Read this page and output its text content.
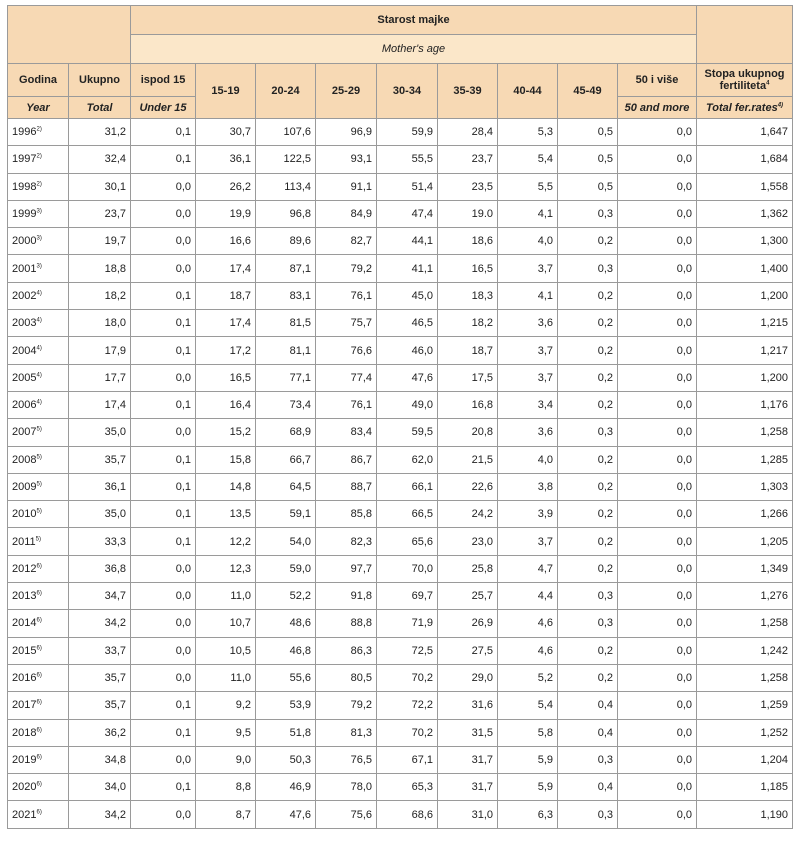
		Starost majke									
		Mother's age									
Godina	Ukupno	ispod 15	15-19	20-24	25-29	30-34	35-39	40-44	45-49	50 i više	Stopa ukupnog fertiliteta$^4$
Year	Total	Under 15								50 and more	Total fer.rates$^{4)}$
1996$^{2)}$	31,2	0,1	30,7	107,6	96,9	59,9	28,4	5,3	0,5	0,0	1,647
1997$^{2)}$	32,4	0,1	36,1	122,5	93,1	55,5	23,7	5,4	0,5	0,0	1,684
1998$^{2)}$	30,1	0,0	26,2	113,4	91,1	51,4	23,5	5,5	0,5	0,0	1,558
1999$^{3)}$	23,7	0,0	19,9	96,8	84,9	47,4	19.0	4,1	0,3	0,0	1,362
2000$^{3)}$	19,7	0,0	16,6	89,6	82,7	44,1	18,6	4,0	0,2	0,0	1,300
2001$^{3)}$	18,8	0,0	17,4	87,1	79,2	41,1	16,5	3,7	0,3	0,0	1,400
2002$^{4)}$	18,2	0,1	18,7	83,1	76,1	45,0	18,3	4,1	0,2	0,0	1,200
2003$^{4)}$	18,0	0,1	17,4	81,5	75,7	46,5	18,2	3,6	0,2	0,0	1,215
2004$^{4)}$	17,9	0,1	17,2	81,1	76,6	46,0	18,7	3,7	0,2	0,0	1,217
2005$^{4)}$	17,7	0,0	16,5	77,1	77,4	47,6	17,5	3,7	0,2	0,0	1,200
2006$^{4)}$	17,4	0,1	16,4	73,4	76,1	49,0	16,8	3,4	0,2	0,0	1,176
2007$^{5)}$	35,0	0,0	15,2	68,9	83,4	59,5	20,8	3,6	0,3	0,0	1,258
2008$^{5)}$	35,7	0,1	15,8	66,7	86,7	62,0	21,5	4,0	0,2	0,0	1,285
2009$^{5)}$	36,1	0,1	14,8	64,5	88,7	66,1	22,6	3,8	0,2	0,0	1,303
2010$^{5)}$	35,0	0,1	13,5	59,1	85,8	66,5	24,2	3,9	0,2	0,0	1,266
2011$^{5)}$	33,3	0,1	12,2	54,0	82,3	65,6	23,0	3,7	0,2	0,0	1,205
2012$^{6)}$	36,8	0,0	12,3	59,0	97,7	70,0	25,8	4,7	0,2	0,0	1,349
2013$^{6)}$	34,7	0,0	11,0	52,2	91,8	69,7	25,7	4,4	0,3	0,0	1,276
2014$^{6)}$	34,2	0,0	10,7	48,6	88,8	71,9	26,9	4,6	0,3	0,0	1,258
2015$^{6)}$	33,7	0,0	10,5	46,8	86,3	72,5	27,5	4,6	0,2	0,0	1,242
2016$^{6)}$	35,7	0,0	11,0	55,6	80,5	70,2	29,0	5,2	0,2	0,0	1,258
2017$^{6)}$	35,7	0,1	9,2	53,9	79,2	72,2	31,6	5,4	0,4	0,0	1,259
2018$^{6)}$	36,2	0,1	9,5	51,8	81,3	70,2	31,5	5,8	0,4	0,0	1,252
2019$^{6)}$	34,8	0,0	9,0	50,3	76,5	67,1	31,7	5,9	0,3	0,0	1,204
2020$^{6)}$	34,0	0,1	8,8	46,9	78,0	65,3	31,7	5,9	0,4	0,0	1,185
2021$^{6)}$	34,2	0,0	8,7	47,6	75,6	68,6	31,0	6,3	0,3	0,0	1,190
